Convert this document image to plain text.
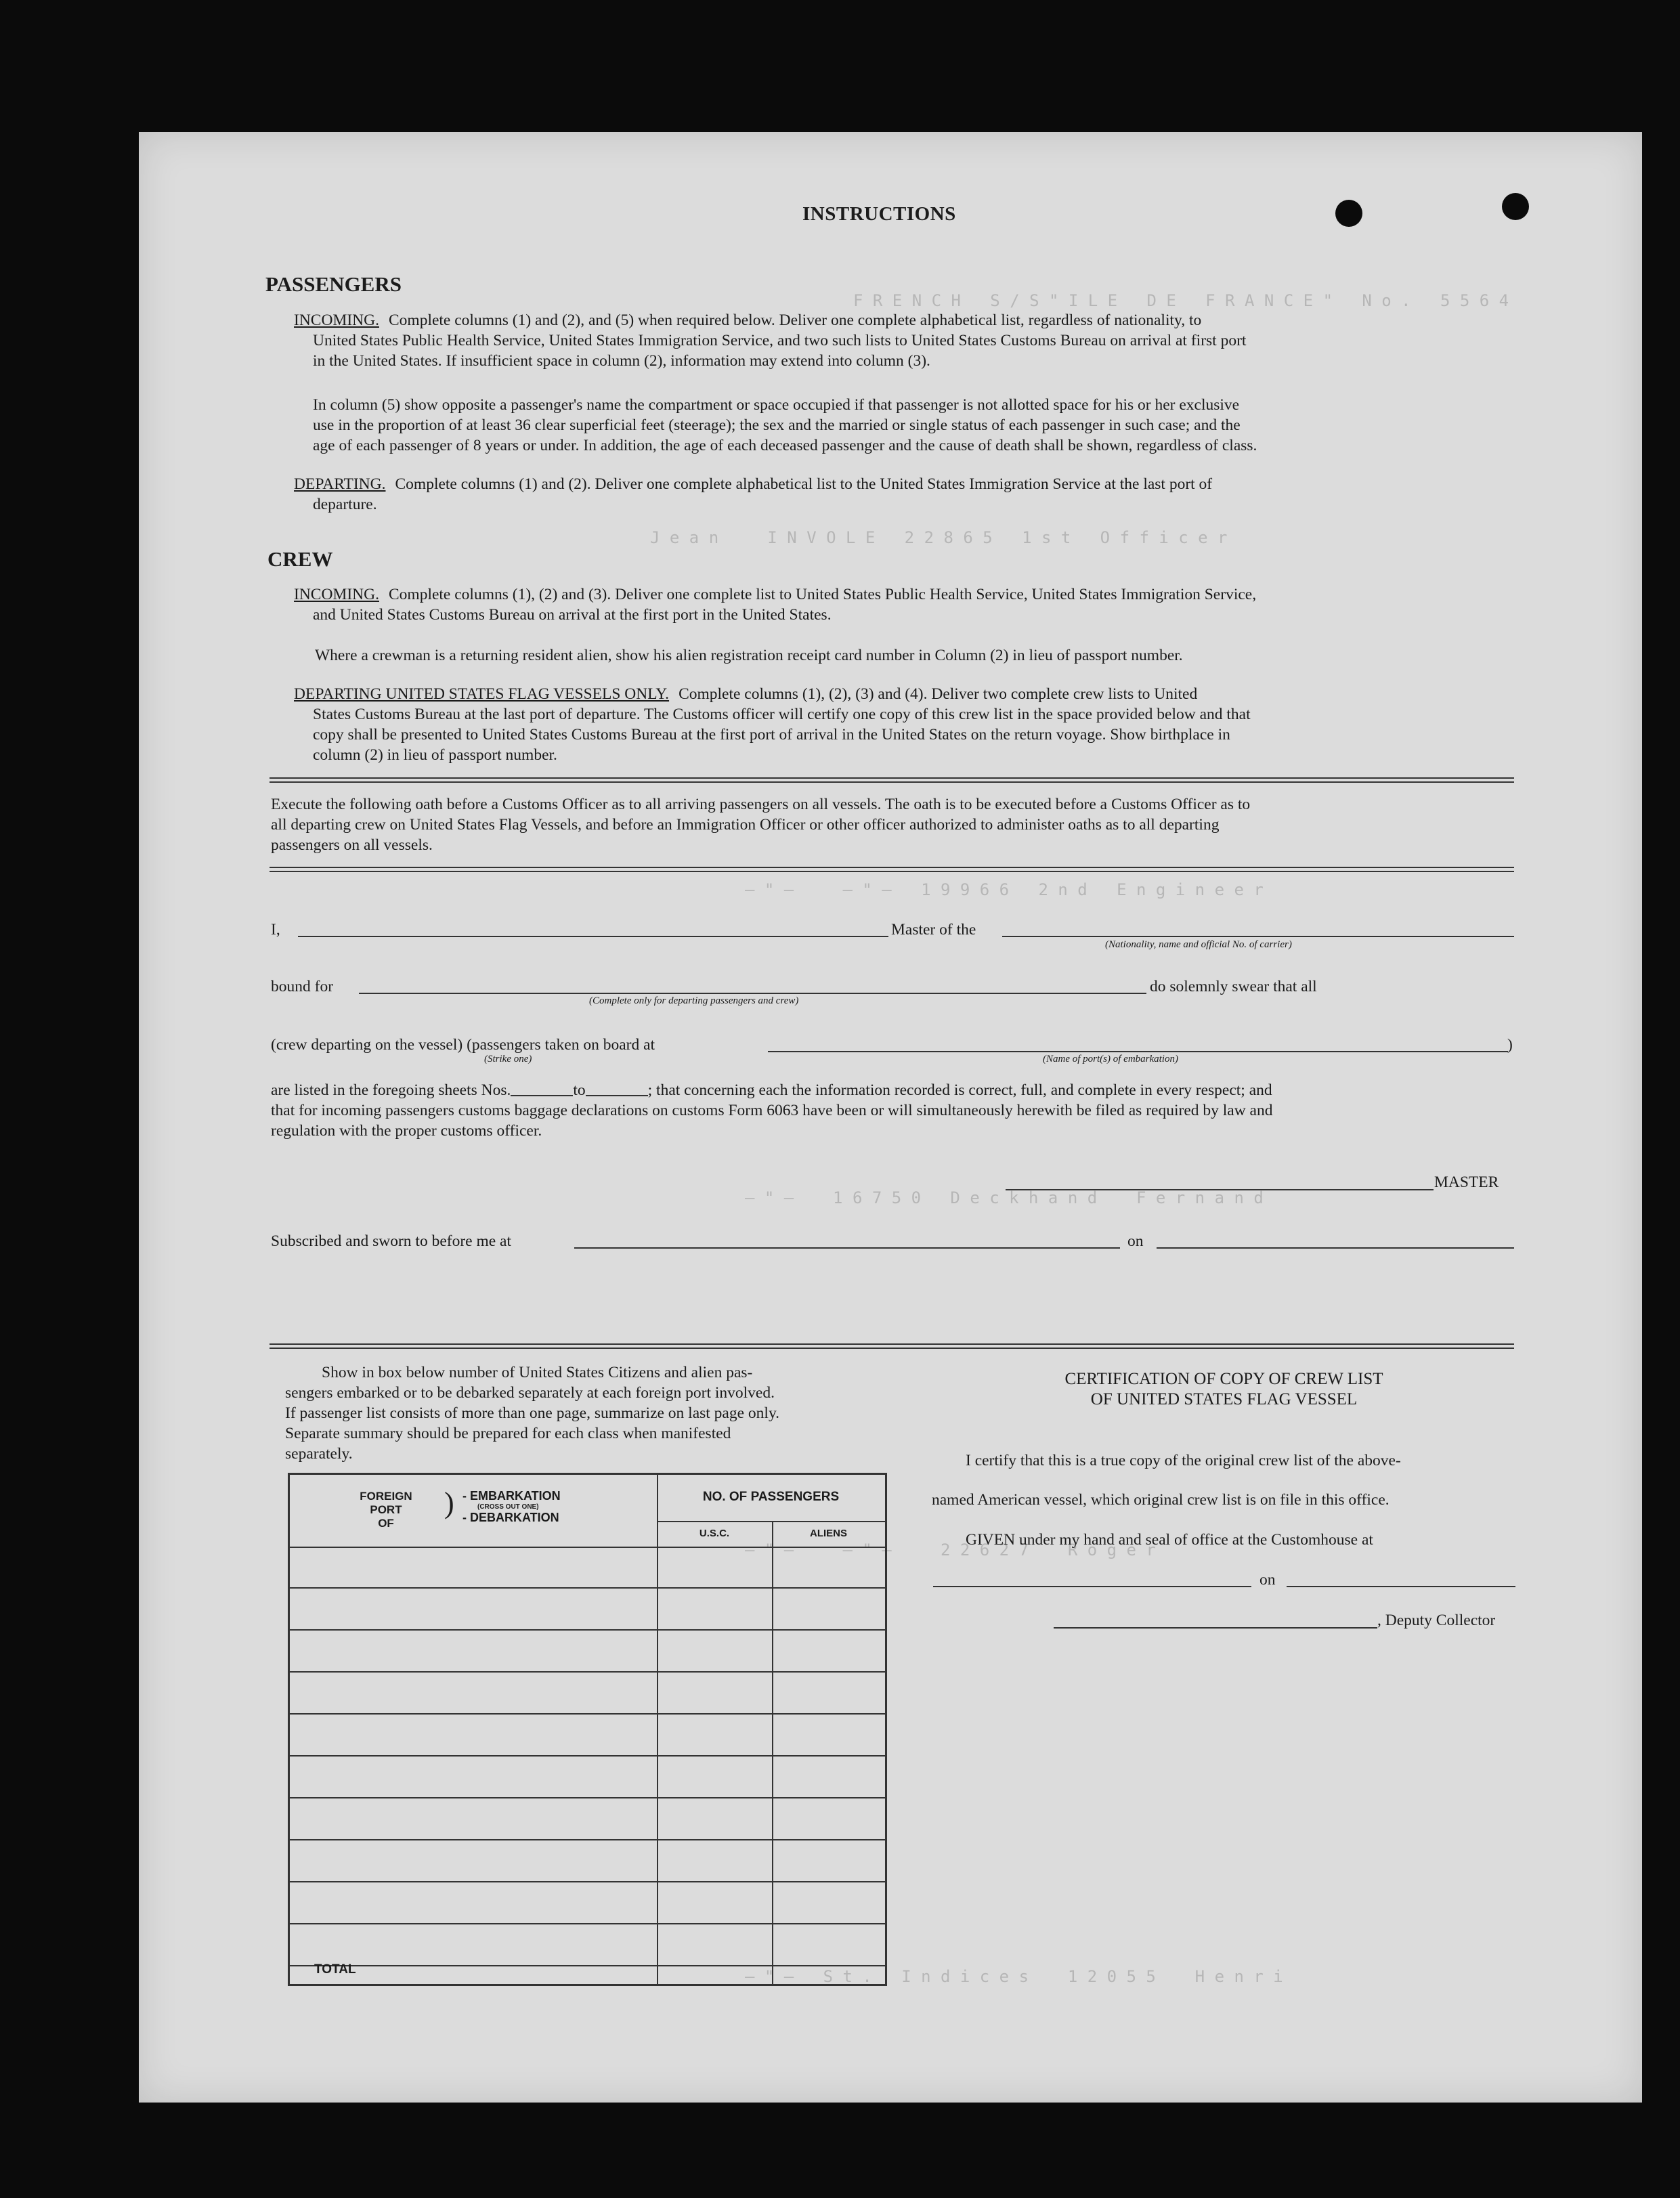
F R E N C H   S / S " I L E   D E   F R A N C E "   N o .   5 5 6 4
J e a n     I N V O L E   2 2 8 6 5   1 s t   O f f i c e r
— " —     — " —   1 9 9 6 6   2 n d   E n g i n e e r
— " —    1 6 7 5 0   D e c k h a n d    F e r n a n d
— " —     — " —     2 2 6 2 7    R o g e r
— " —   S t .   I n d i c e s    1 2 0 5 5    H e n r i
INSTRUCTIONS
PASSENGERS
INCOMING. Complete columns (1) and (2), and (5) when required below. Deliver one complete alphabetical list, regardless of nationality, to
United States Public Health Service, United States Immigration Service, and two such lists to United States Customs Bureau on arrival at first port
in the United States. If insufficient space in column (2), information may extend into column (3).
In column (5) show opposite a passenger's name the compartment or space occupied if that passenger is not allotted space for his or her exclusive
use in the proportion of at least 36 clear superficial feet (steerage); the sex and the married or single status of each passenger in such case; and the
age of each passenger of 8 years or under. In addition, the age of each deceased passenger and the cause of death shall be shown, regardless of class.
DEPARTING. Complete columns (1) and (2). Deliver one complete alphabetical list to the United States Immigration Service at the last port of
departure.
CREW
INCOMING. Complete columns (1), (2) and (3). Deliver one complete list to United States Public Health Service, United States Immigration Service,
and United States Customs Bureau on arrival at the first port in the United States.
Where a crewman is a returning resident alien, show his alien registration receipt card number in Column (2) in lieu of passport number.
DEPARTING UNITED STATES FLAG VESSELS ONLY. Complete columns (1), (2), (3) and (4). Deliver two complete crew lists to United
States Customs Bureau at the last port of departure. The Customs officer will certify one copy of this crew list in the space provided below and that
copy shall be presented to United States Customs Bureau at the first port of arrival in the United States on the return voyage. Show birthplace in
column (2) in lieu of passport number.
Execute the following oath before a Customs Officer as to all arriving passengers on all vessels. The oath is to be executed before a Customs Officer as to
all departing crew on United States Flag Vessels, and before an Immigration Officer or other officer authorized to administer oaths as to all departing
passengers on all vessels.
I,	Master of the
(Nationality, name and official No. of carrier)
bound for	do solemnly swear that all
(Complete only for departing passengers and crew)
(crew departing on the vessel) (passengers taken on board at	)
(Strike one)	(Name of port(s) of embarkation)
are listed in the foregoing sheets Nos.	to	; that concerning each the information recorded is correct, full, and complete in every respect; and
that for incoming passengers customs baggage declarations on customs Form 6063 have been or will simultaneously herewith be filed as required by law and
regulation with the proper customs officer.
MASTER
Subscribed and sworn to before me at	on
Show in box below number of United States Citizens and alien pas-
sengers embarked or to be debarked separately at each foreign port involved.
If passenger list consists of more than one page, summarize on last page only.
Separate summary should be prepared for each class when manifested
separately.
FOREIGN
PORT
OF
) - EMBARKATION
(CROSS OUT ONE)
- DEBARKATION
NO. OF PASSENGERS
U.S.C.	ALIENS
TOTAL
CERTIFICATION OF COPY OF CREW LIST
OF UNITED STATES FLAG VESSEL
I certify that this is a true copy of the original crew list of the above-
named American vessel, which original crew list is on file in this office.
GIVEN under my hand and seal of office at the Customhouse at
on
, Deputy Collector
